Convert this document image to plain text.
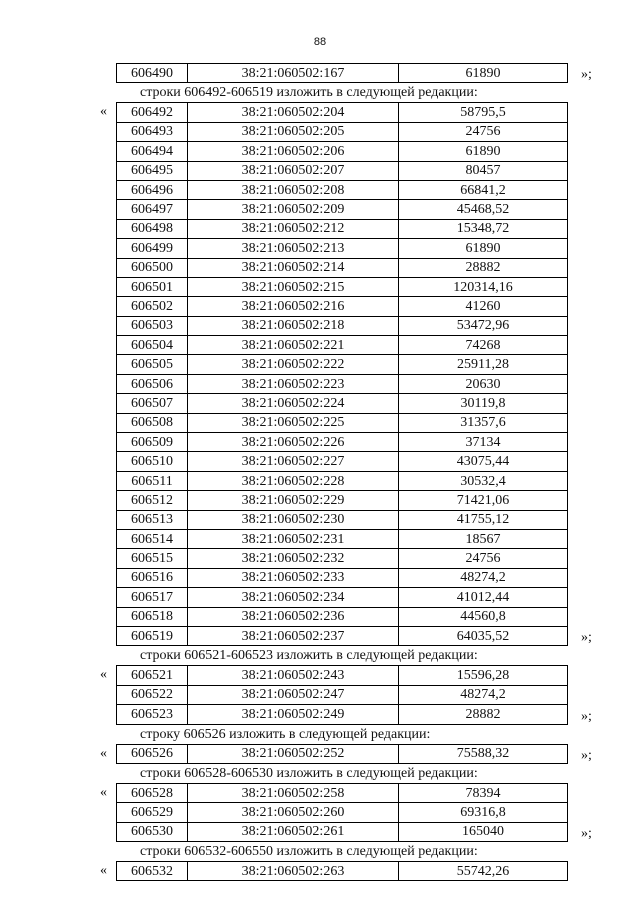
88
606490	38:21:060502:167	61890	»;
строки 606492-606519 изложить в следующей редакции:
« 606492	38:21:060502:204	58795,5
606493	38:21:060502:205	24756
606494	38:21:060502:206	61890
606495	38:21:060502:207	80457
606496	38:21:060502:208	66841,2
606497	38:21:060502:209	45468,52
606498	38:21:060502:212	15348,72
606499	38:21:060502:213	61890
606500	38:21:060502:214	28882
606501	38:21:060502:215	120314,16
606502	38:21:060502:216	41260
606503	38:21:060502:218	53472,96
606504	38:21:060502:221	74268
606505	38:21:060502:222	25911,28
606506	38:21:060502:223	20630
606507	38:21:060502:224	30119,8
606508	38:21:060502:225	31357,6
606509	38:21:060502:226	37134
606510	38:21:060502:227	43075,44
606511	38:21:060502:228	30532,4
606512	38:21:060502:229	71421,06
606513	38:21:060502:230	41755,12
606514	38:21:060502:231	18567
606515	38:21:060502:232	24756
606516	38:21:060502:233	48274,2
606517	38:21:060502:234	41012,44
606518	38:21:060502:236	44560,8
606519	38:21:060502:237	64035,52	»;
строки 606521-606523 изложить в следующей редакции:
« 606521	38:21:060502:243	15596,28
606522	38:21:060502:247	48274,2
606523	38:21:060502:249	28882	»;
строку 606526 изложить в следующей редакции:
« 606526	38:21:060502:252	75588,32	»;
строки 606528-606530 изложить в следующей редакции:
« 606528	38:21:060502:258	78394
606529	38:21:060502:260	69316,8
606530	38:21:060502:261	165040	»;
строки 606532-606550 изложить в следующей редакции:
« 606532	38:21:060502:263	55742,26
